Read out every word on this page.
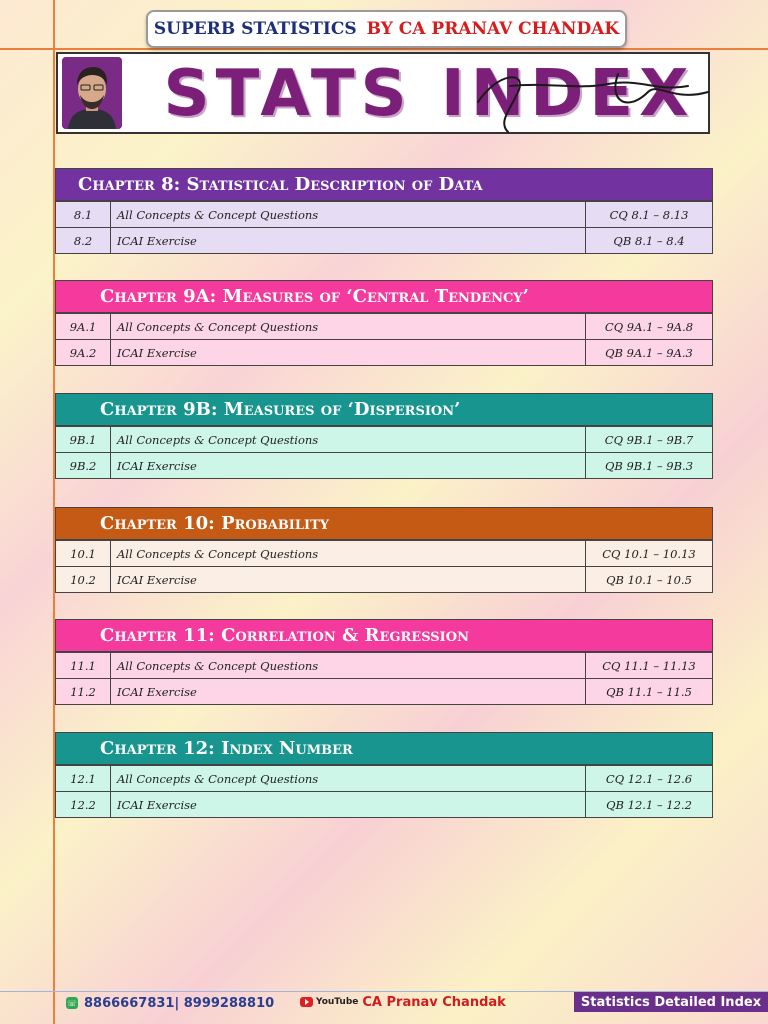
SUPERB STATISTICS BY CA PRANAV CHANDAK
STATS INDEX
Chapter 8: Statistical Description of Data
8.1	All Concepts & Concept Questions	CQ 8.1 – 8.13
8.2	ICAI Exercise	QB 8.1 – 8.4
Chapter 9A: Measures of ‘Central Tendency’
9A.1	All Concepts & Concept Questions	CQ 9A.1 – 9A.8
9A.2	ICAI Exercise	QB 9A.1 – 9A.3
Chapter 9B: Measures of ‘Dispersion’
9B.1	All Concepts & Concept Questions	CQ 9B.1 – 9B.7
9B.2	ICAI Exercise	QB 9B.1 – 9B.3
Chapter 10: Probability
10.1	All Concepts & Concept Questions	CQ 10.1 – 10.13
10.2	ICAI Exercise	QB 10.1 – 10.5
Chapter 11: Correlation & Regression
11.1	All Concepts & Concept Questions	CQ 11.1 – 11.13
11.2	ICAI Exercise	QB 11.1 – 11.5
Chapter 12: Index Number
12.1	All Concepts & Concept Questions	CQ 12.1 – 12.6
12.2	ICAI Exercise	QB 12.1 – 12.2
☏ 8866667831| 8999288810	YouTube CA Pranav Chandak	Statistics Detailed Index
